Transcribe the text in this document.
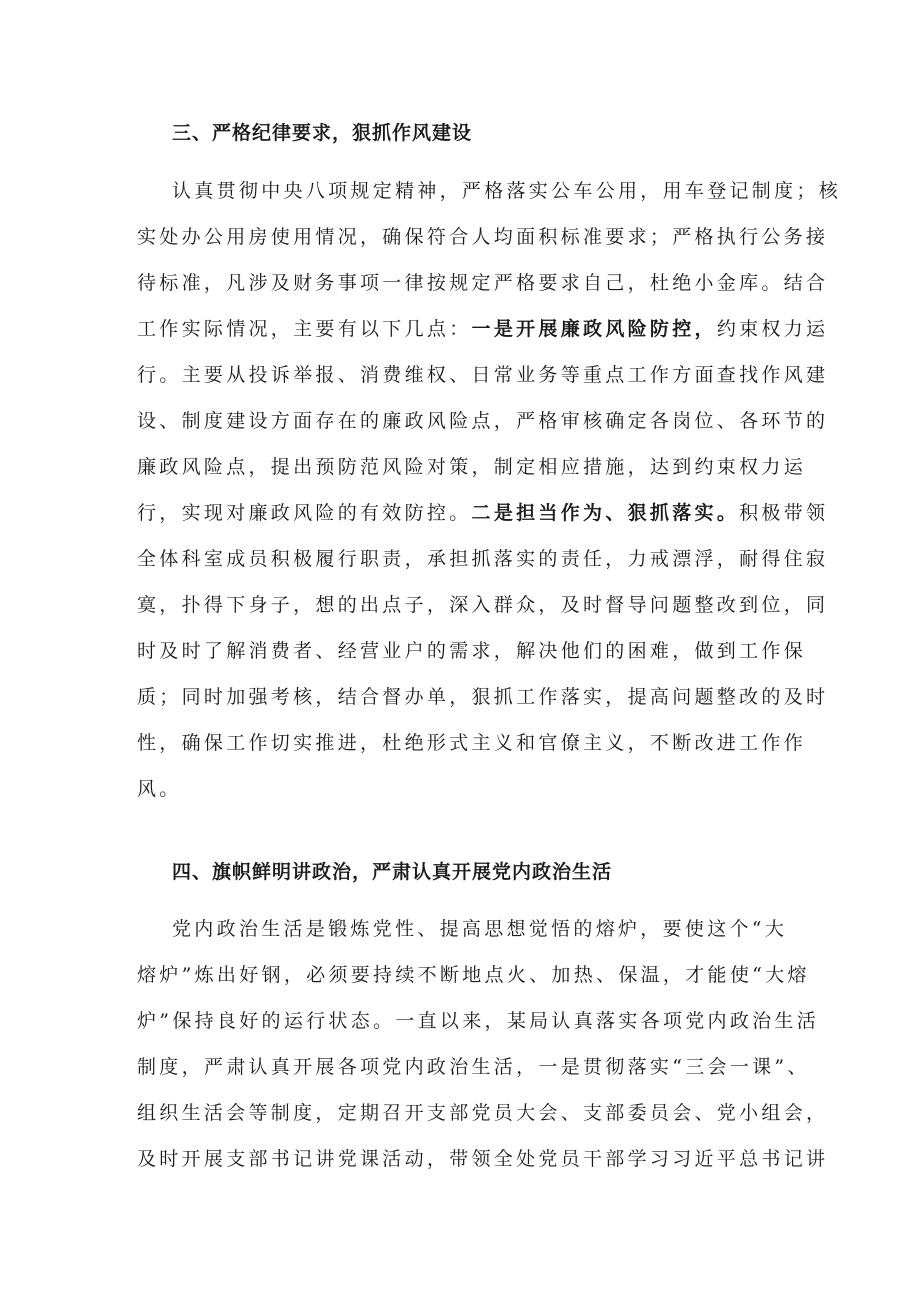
三、严格纪律要求，狠抓作风建设
认真贯彻中央八项规定精神，严格落实公车公用，用车登记制度；核
实处办公用房使用情况，确保符合人均面积标准要求；严格执行公务接
待标准，凡涉及财务事项一律按规定严格要求自己，杜绝小金库。结合
工作实际情况，主要有以下几点：一是开展廉政风险防控，约束权力运
行。主要从投诉举报、消费维权、日常业务等重点工作方面查找作风建
设、制度建设方面存在的廉政风险点，严格审核确定各岗位、各环节的
廉政风险点，提出预防范风险对策，制定相应措施，达到约束权力运
行，实现对廉政风险的有效防控。二是担当作为、狠抓落实。积极带领
全体科室成员积极履行职责，承担抓落实的责任，力戒漂浮，耐得住寂
寞，扑得下身子，想的出点子，深入群众，及时督导问题整改到位，同
时及时了解消费者、经营业户的需求，解决他们的困难，做到工作保
质；同时加强考核，结合督办单，狠抓工作落实，提高问题整改的及时
性，确保工作切实推进，杜绝形式主义和官僚主义，不断改进工作作
风。
四、旗帜鲜明讲政治，严肃认真开展党内政治生活
党内政治生活是锻炼党性、提高思想觉悟的熔炉，要使这个“大
熔炉”炼出好钢，必须要持续不断地点火、加热、保温，才能使“大熔
炉”保持良好的运行状态。一直以来，某局认真落实各项党内政治生活
制度，严肃认真开展各项党内政治生活，一是贯彻落实“三会一课”、
组织生活会等制度，定期召开支部党员大会、支部委员会、党小组会，
及时开展支部书记讲党课活动，带领全处党员干部学习习近平总书记讲
